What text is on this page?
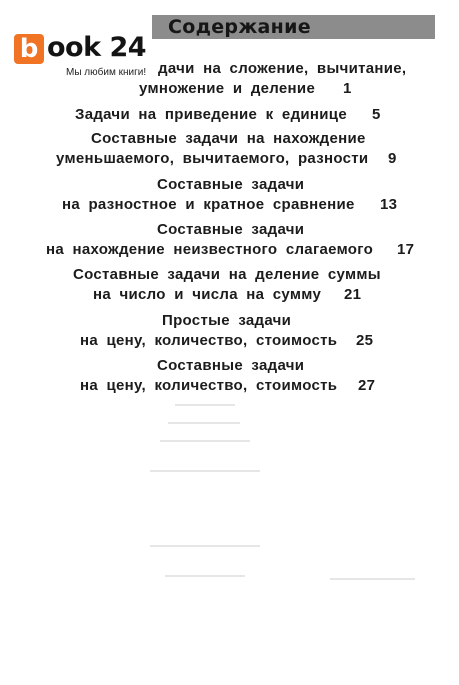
Содержание
b ook 24
Мы любим книги! дачи на сложение, вычитание,
умножение и деление 1
Задачи на приведение к единице 5
Составные задачи на нахождение
уменьшаемого, вычитаемого, разности 9
Составные задачи
на разностное и кратное сравнение 13
Составные задачи
на нахождение неизвестного слагаемого 17
Составные задачи на деление суммы
на число и числа на сумму 21
Простые задачи
на цену, количество, стоимость 25
Составные задачи
на цену, количество, стоимость 27
